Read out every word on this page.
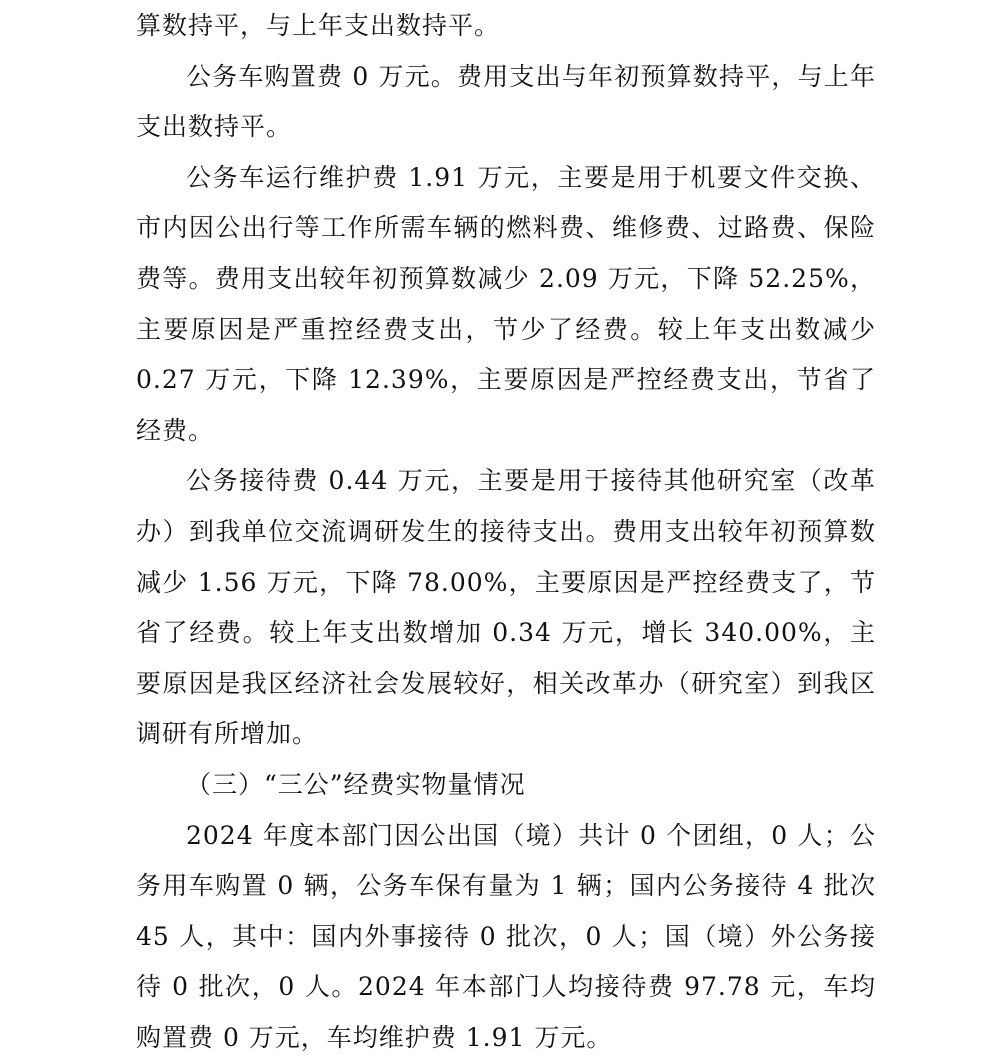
算数持平，与上年支出数持平。

公务车购置费 0 万元。费用支出与年初预算数持平，与上年支出数持平。

公务车运行维护费 1.91 万元，主要是用于机要文件交换、市内因公出行等工作所需车辆的燃料费、维修费、过路费、保险费等。费用支出较年初预算数减少 2.09 万元，下降 52.25%，主要原因是严重控经费支出，节少了经费。较上年支出数减少 0.27 万元，下降 12.39%，主要原因是严控经费支出，节省了经费。

公务接待费 0.44 万元，主要是用于接待其他研究室（改革办）到我单位交流调研发生的接待支出。费用支出较年初预算数减少 1.56 万元，下降 78.00%，主要原因是严控经费支了，节省了经费。较上年支出数增加 0.34 万元，增长 340.00%，主要原因是我区经济社会发展较好，相关改革办（研究室）到我区调研有所增加。

（三）“三公”经费实物量情况

2024 年度本部门因公出国（境）共计 0 个团组，0 人；公务用车购置 0 辆，公务车保有量为 1 辆；国内公务接待 4 批次 45 人，其中：国内外事接待 0 批次，0 人；国（境）外公务接待 0 批次，0 人。2024 年本部门人均接待费 97.78 元，车均购置费 0 万元，车均维护费 1.91 万元。
